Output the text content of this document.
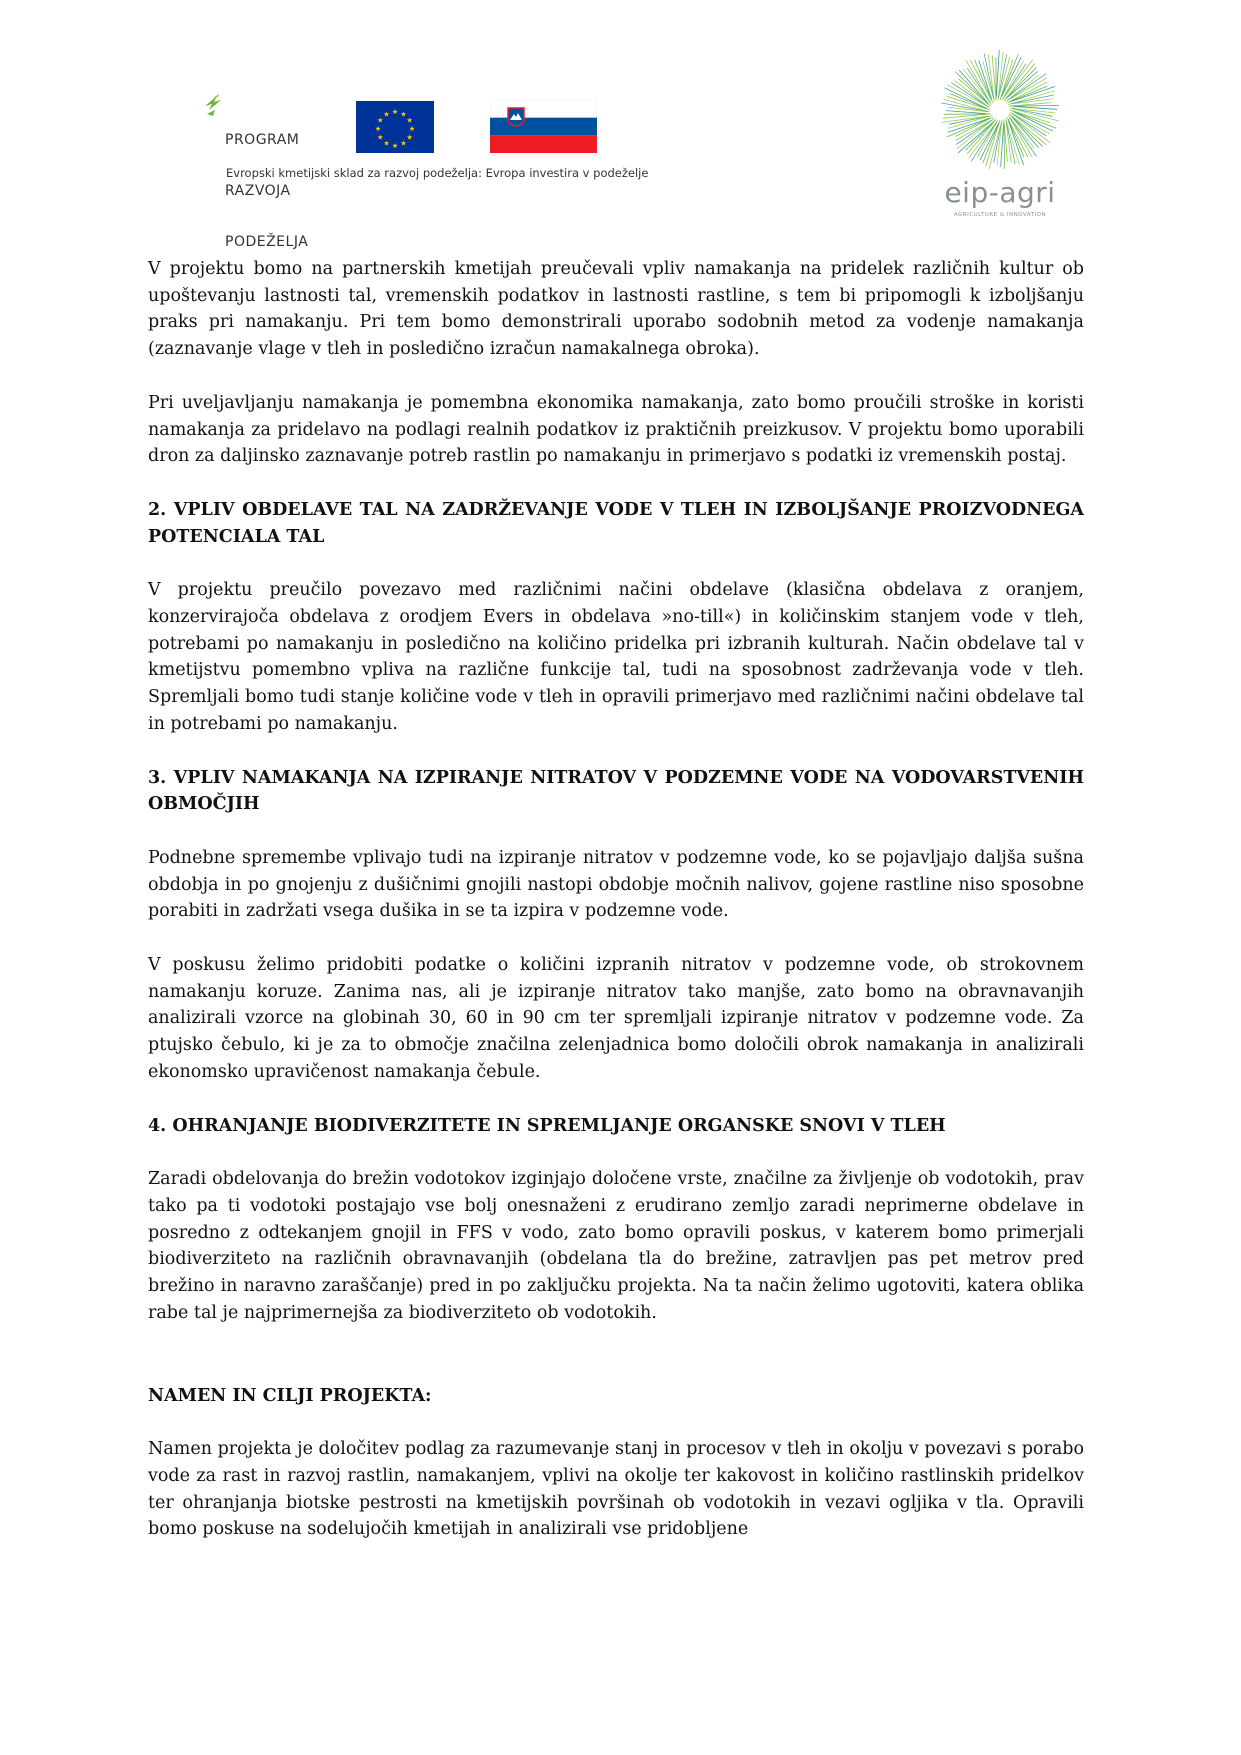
PROGRAM

RAZVOJA

PODEŽELJA

★ ★
★
★
★
★
★
★
★
★
★
★
Evropski kmetijski sklad za razvoj podeželja: Evropa investira v podeželje
eip-agri
AGRICULTURE & INNOVATION

V projektu bomo na partnerskih kmetijah preučevali vpliv namakanja na pridelek različnih kultur ob upoštevanju lastnosti tal, vremenskih podatkov in lastnosti rastline, s tem bi pripomogli k izboljšanju praks pri namakanju. Pri tem bomo demonstrirali uporabo sodobnih metod za vodenje namakanja (zaznavanje vlage v tleh in posledično izračun namakalnega obroka).

Pri uveljavljanju namakanja je pomembna ekonomika namakanja, zato bomo proučili stroške in koristi namakanja za pridelavo na podlagi realnih podatkov iz praktičnih preizkusov. V projektu bomo uporabili dron za daljinsko zaznavanje potreb rastlin po namakanju in primerjavo s podatki iz vremenskih postaj.

2. VPLIV OBDELAVE TAL NA ZADRŽEVANJE VODE V TLEH IN IZBOLJŠANJE PROIZVODNEGA POTENCIALA TAL

V projektu preučilo povezavo med različnimi načini obdelave (klasična obdelava z oranjem, konzervirajoča obdelava z orodjem Evers in obdelava »no-till«) in količinskim stanjem vode v tleh, potrebami po namakanju in posledično na količino pridelka pri izbranih kulturah. Način obdelave tal v kmetijstvu pomembno vpliva na različne funkcije tal, tudi na sposobnost zadrževanja vode v tleh. Spremljali bomo tudi stanje količine vode v tleh in opravili primerjavo med različnimi načini obdelave tal in potrebami po namakanju.

3. VPLIV NAMAKANJA NA IZPIRANJE NITRATOV V PODZEMNE VODE NA VODOVARSTVENIH OBMOČJIH

Podnebne spremembe vplivajo tudi na izpiranje nitratov v podzemne vode, ko se pojavljajo daljša sušna obdobja in po gnojenju z dušičnimi gnojili nastopi obdobje močnih nalivov, gojene rastline niso sposobne porabiti in zadržati vsega dušika in se ta izpira v podzemne vode.

V poskusu želimo pridobiti podatke o količini izpranih nitratov v podzemne vode, ob strokovnem namakanju koruze. Zanima nas, ali je izpiranje nitratov tako manjše, zato bomo na obravnavanjih analizirali vzorce na globinah 30, 60 in 90 cm ter spremljali izpiranje nitratov v podzemne vode. Za ptujsko čebulo, ki je za to območje značilna zelenjadnica bomo določili obrok namakanja in analizirali ekonomsko upravičenost namakanja čebule.

4. OHRANJANJE BIODIVERZITETE IN SPREMLJANJE ORGANSKE SNOVI V TLEH

Zaradi obdelovanja do brežin vodotokov izginjajo določene vrste, značilne za življenje ob vodotokih, prav tako pa ti vodotoki postajajo vse bolj onesnaženi z erudirano zemljo zaradi neprimerne obdelave in posredno z odtekanjem gnojil in FFS v vodo, zato bomo opravili poskus, v katerem bomo primerjali biodiverziteto na različnih obravnavanjih (obdelana tla do brežine, zatravljen pas pet metrov pred brežino in naravno zaraščanje) pred in po zaključku projekta. Na ta način želimo ugotoviti, katera oblika rabe tal je najprimernejša za biodiverziteto ob vodotokih.

NAMEN IN CILJI PROJEKTA:

Namen projekta je določitev podlag za razumevanje stanj in procesov v tleh in okolju v povezavi s porabo vode za rast in razvoj rastlin, namakanjem, vplivi na okolje ter kakovost in količino rastlinskih pridelkov ter ohranjanja biotske pestrosti na kmetijskih površinah ob vodotokih in vezavi ogljika v tla. Opravili bomo poskuse na sodelujočih kmetijah in analizirali vse pridobljene
